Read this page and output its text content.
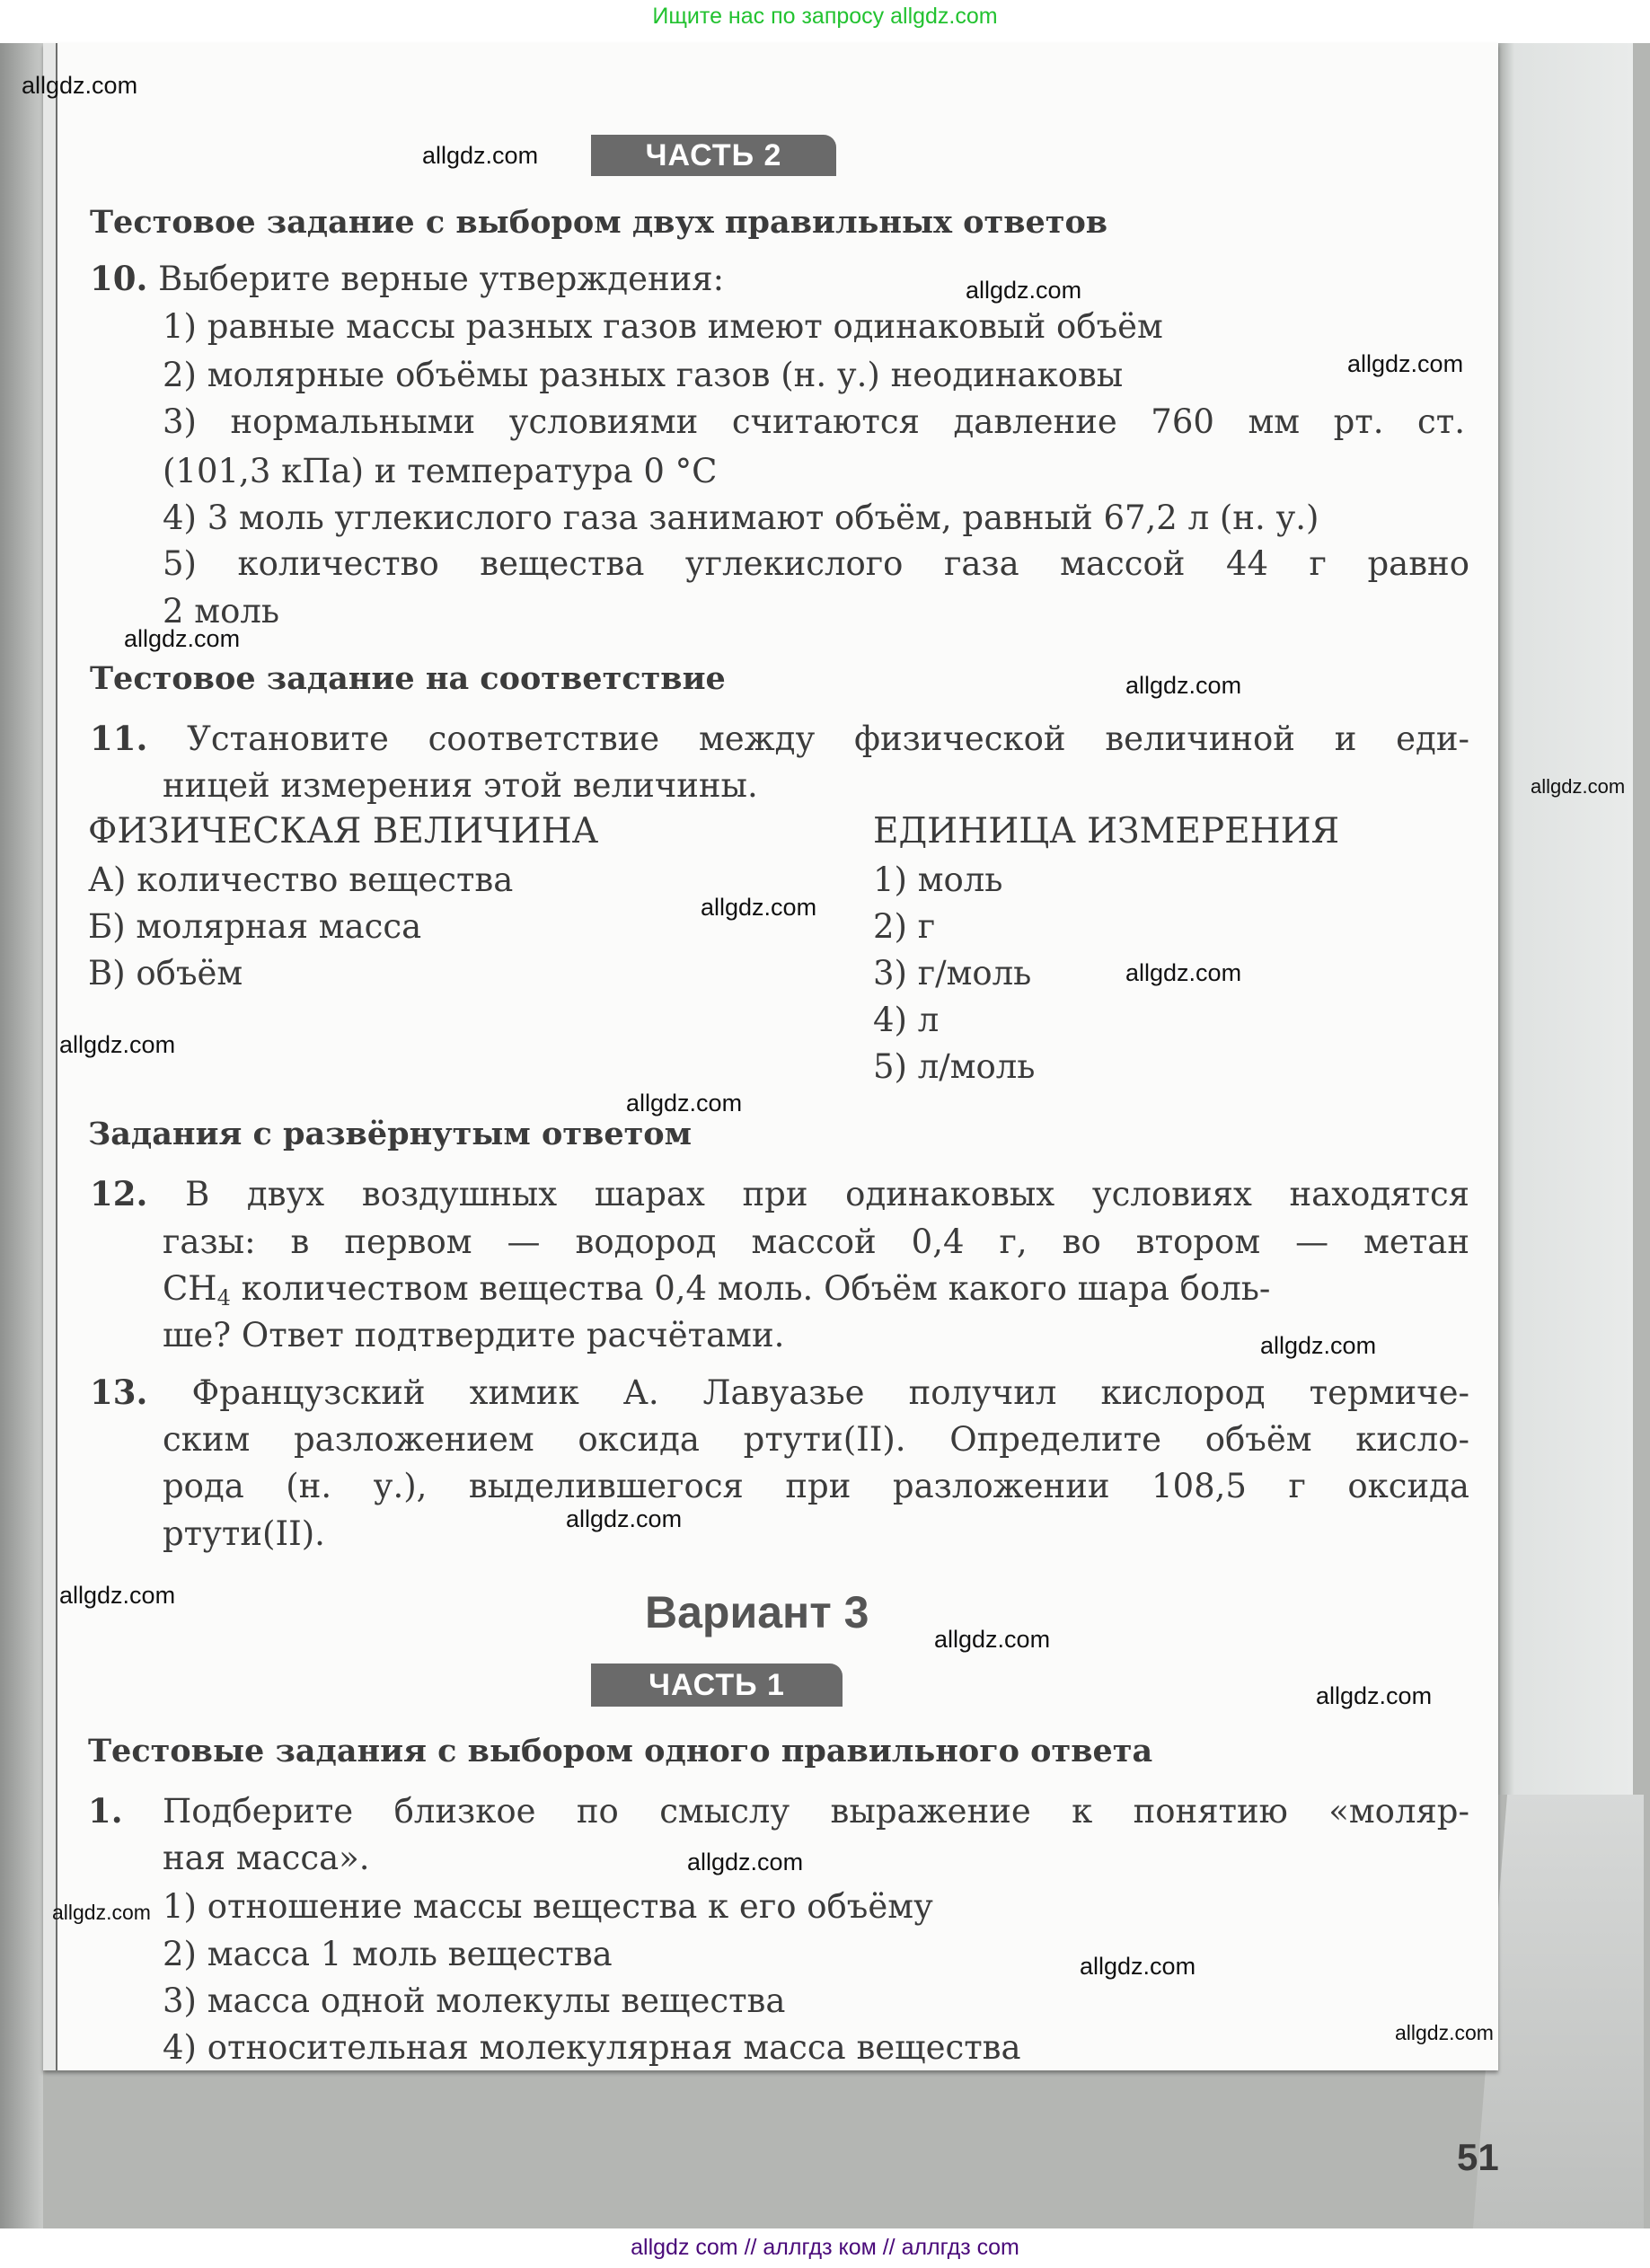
Ищите нас по запросу allgdz.com
allgdz com // аллгдз ком // аллгдз com
ЧАСТЬ 2
Тестовое задание с выбором двух правильных ответов
10. Выберите верные утверждения:
1) равные массы разных газов имеют одинаковый объём
2) молярные объёмы разных газов (н. у.) неодинаковы
3) нормальными условиями считаются давление 760 мм рт. ст.
(101,3 кПа) и температура 0 °С
4) 3 моль углекислого газа занимают объём, равный 67,2 л (н. у.)
5) количество вещества углекислого газа массой 44 г равно
2 моль
Тестовое задание на соответствие
11. Установите соответствие между физической величиной и еди-
ницей измерения этой величины.
ФИЗИЧЕСКАЯ ВЕЛИЧИНА	ЕДИНИЦА ИЗМЕРЕНИЯ
А) количество вещества
Б) молярная масса
В) объём
1) моль
2) г
3) г/моль
4) л
5) л/моль
Задания с развёрнутым ответом
12. В двух воздушных шарах при одинаковых условиях находятся
газы: в первом — водород массой 0,4 г, во втором — метан
$CH_4$ количеством вещества 0,4 моль. Объём какого шара боль-
ше? Ответ подтвердите расчётами.
13. Французский химик А. Лавуазье получил кислород термиче-
ским разложением оксида ртути(II). Определите объём кисло-
рода (н. у.), выделившегося при разложении 108,5 г оксида
ртути(II).
Вариант 3
ЧАСТЬ 1
Тестовые задания с выбором одного правильного ответа
1. Подберите близкое по смыслу выражение к понятию «моляр-
ная масса».
1) отношение массы вещества к его объёму
2) масса 1 моль вещества
3) масса одной молекулы вещества
4) относительная молекулярная масса вещества
51
allgdz.com
allgdz.com
allgdz.com
allgdz.com
allgdz.com
allgdz.com
allgdz.com
allgdz.com
allgdz.com
allgdz.com
allgdz.com
allgdz.com
allgdz.com
allgdz.com
allgdz.com
allgdz.com
allgdz.com
allgdz.com
allgdz.com
allgdz.com
